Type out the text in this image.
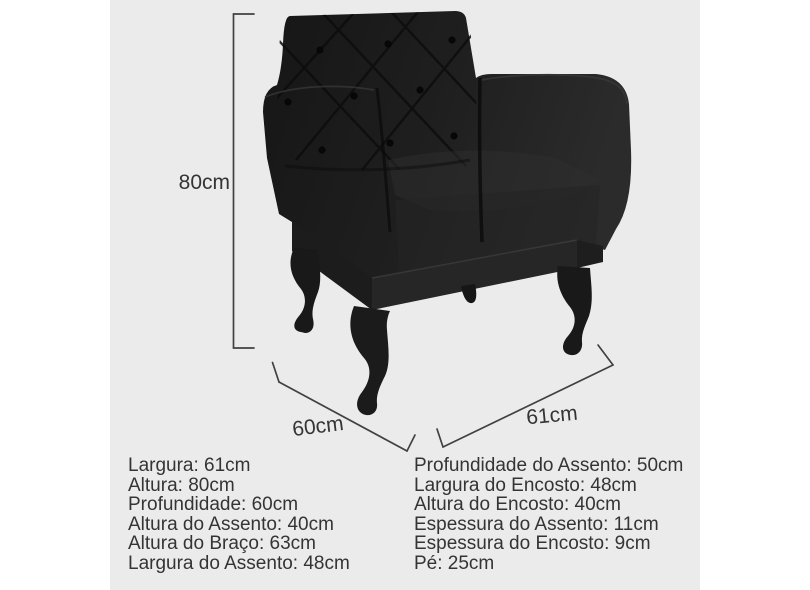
80cm
60cm	61cm
Largura: 61cm
Altura: 80cm
Profundidade: 60cm
Altura do Assento: 40cm
Altura do Braço: 63cm
Largura do Assento: 48cm
Profundidade do Assento: 50cm
Largura do Encosto: 48cm
Altura do Encosto: 40cm
Espessura do Assento: 11cm
Espessura do Encosto: 9cm
Pé: 25cm
